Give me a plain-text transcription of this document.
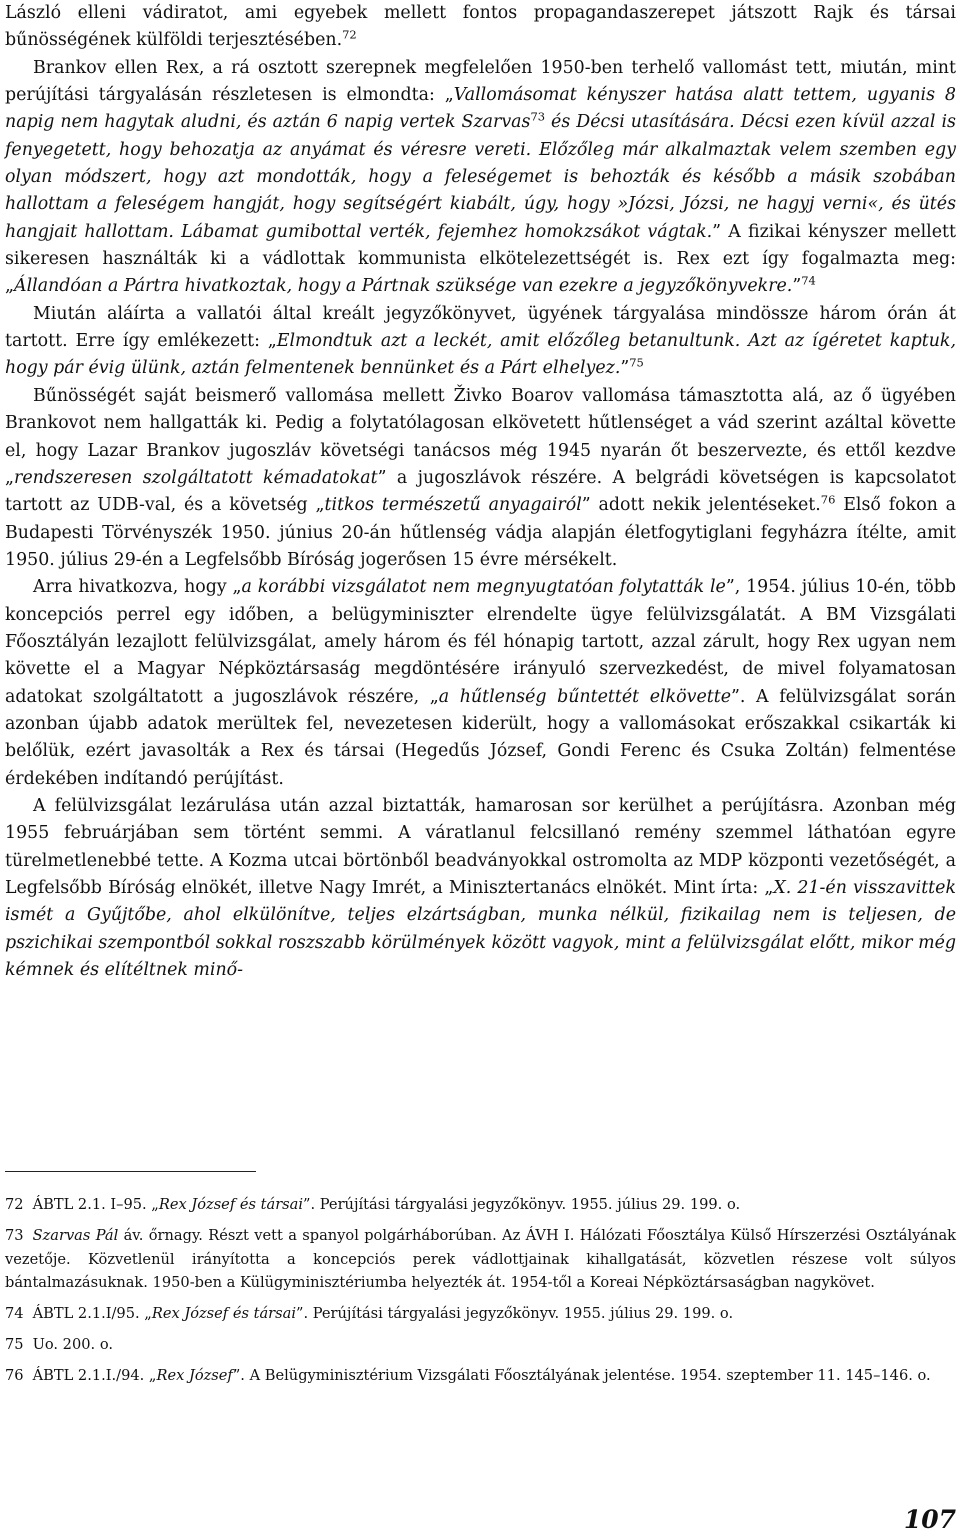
László elleni vádiratot, ami egyebek mellett fontos propagandaszerepet játszott Rajk és társai bűnösségének külföldi terjesztésében.$^{72}$

Brankov ellen Rex, a rá osztott szerepnek megfelelően 1950-ben terhelő vallomást tett, miután, mint perújítási tárgyalásán részletesen is elmondta: „Vallomásomat kényszer hatása alatt tettem, ugyanis 8 napig nem hagytak aludni, és aztán 6 napig vertek Szarvas$^{73}$ és Décsi utasítására. Décsi ezen kívül azzal is fenyegetett, hogy behozatja az anyámat és véresre vereti. Előzőleg már alkalmaztak velem szemben egy olyan módszert, hogy azt mondották, hogy a feleségemet is behozták és később a másik szobában hallottam a feleségem hangját, hogy segítségért kiabált, úgy, hogy »Józsi, Józsi, ne hagyj verni«, és ütés hangjait hallottam. Lábamat gumibottal verték, fejemhez homokzsákot vágtak.” A fizikai kényszer mellett sikeresen használták ki a vádlottak kommunista elkötelezettségét is. Rex ezt így fogalmazta meg: „Állandóan a Pártra hivatkoztak, hogy a Pártnak szüksége van ezekre a jegyzőkönyvekre.”$^{74}$

Miután aláírta a vallatói által kreált jegyzőkönyvet, ügyének tárgyalása mindössze három órán át tartott. Erre így emlékezett: „Elmondtuk azt a leckét, amit előzőleg betanultunk. Azt az ígéretet kaptuk, hogy pár évig ülünk, aztán felmentenek bennünket és a Párt elhelyez.”$^{75}$

Bűnösségét saját beismerő vallomása mellett Živko Boarov vallomása támasztotta alá, az ő ügyében Brankovot nem hallgatták ki. Pedig a folytatólagosan elkövetett hűtlenséget a vád szerint azáltal követte el, hogy Lazar Brankov jugoszláv követségi tanácsos még 1945 nyarán őt beszervezte, és ettől kezdve „rendszeresen szolgáltatott kémadatokat” a jugoszlávok részére. A belgrádi követségen is kapcsolatot tartott az UDB-val, és a követség „titkos természetű anyagairól” adott nekik jelentéseket.$^{76}$ Első fokon a Budapesti Törvényszék 1950. június 20-án hűtlenség vádja alapján életfogytiglani fegyházra ítélte, amit 1950. július 29-én a Legfelsőbb Bíróság jogerősen 15 évre mérsékelt.

Arra hivatkozva, hogy „a korábbi vizsgálatot nem megnyugtatóan folytatták le”, 1954. július 10-én, több koncepciós perrel egy időben, a belügyminiszter elrendelte ügye felülvizsgálatát. A BM Vizsgálati Főosztályán lezajlott felülvizsgálat, amely három és fél hónapig tartott, azzal zárult, hogy Rex ugyan nem követte el a Magyar Népköztársaság megdöntésére irányuló szervezkedést, de mivel folyamatosan adatokat szolgáltatott a jugoszlávok részére, „a hűtlenség bűntettét elkövette”. A felülvizsgálat során azonban újabb adatok merültek fel, nevezetesen kiderült, hogy a vallomásokat erőszakkal csikarták ki belőlük, ezért javasolták a Rex és társai (Hegedűs József, Gondi Ferenc és Csuka Zoltán) felmentése érdekében indítandó perújítást.

A felülvizsgálat lezárulása után azzal biztatták, hamarosan sor kerülhet a perújításra. Azonban még 1955 februárjában sem történt semmi. A váratlanul felcsillanó remény szemmel láthatóan egyre türelmetlenebbé tette. A Kozma utcai börtönből beadványokkal ostromolta az MDP központi vezetőségét, a Legfelsőbb Bíróság elnökét, illetve Nagy Imrét, a Minisztertanács elnökét. Mint írta: „X. 21-én visszavittek ismét a Gyűjtőbe, ahol elkülönítve, teljes elzártságban, munka nélkül, fizikailag nem is teljesen, de pszichikai szempontból sokkal roszszabb körülmények között vagyok, mint a felülvizsgálat előtt, mikor még kémnek és elítéltnek minő-

72 ÁBTL 2.1. I–95. „Rex József és társai”. Perújítási tárgyalási jegyzőkönyv. 1955. július 29. 199. o.
73 Szarvas Pál áv. őrnagy. Részt vett a spanyol polgárháborúban. Az ÁVH I. Hálózati Főosztálya Külső Hírszerzési Osztályának vezetője. Közvetlenül irányította a koncepciós perek vádlottjainak kihallgatását, közvetlen részese volt súlyos bántalmazásuknak. 1950-ben a Külügyminisztériumba helyezték át. 1954-től a Koreai Népköztársaságban nagykövet.
74 ÁBTL 2.1.I/95. „Rex József és társai”. Perújítási tárgyalási jegyzőkönyv. 1955. július 29. 199. o.
75 Uo. 200. o.
76 ÁBTL 2.1.I./94. „Rex József”. A Belügyminisztérium Vizsgálati Főosztályának jelentése. 1954. szeptember 11. 145–146. o.
107
